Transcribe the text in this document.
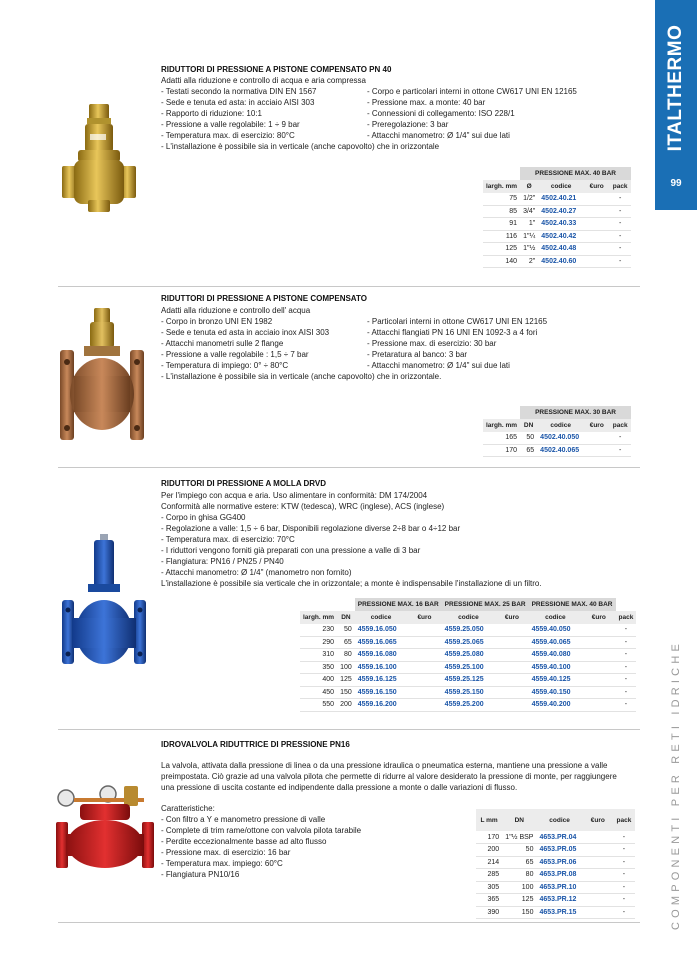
ITALTHERMO
99
COMPONENTI PER RETI IDRICHE
RIDUTTORI DI PRESSIONE A PISTONE COMPENSATO PN 40

Adatti alla riduzione e controllo di acqua e aria compressa

- Testati secondo la normativa DIN EN 1567

- Sede e tenuta ed asta: in acciaio AISI 303

- Rapporto di riduzione: 10:1

- Pressione a valle regolabile: 1 ÷ 9 bar

- Temperatura max. di esercizio: 80°C

- Corpo e particolari interni in ottone CW617 UNI EN 12165

- Pressione max. a monte: 40 bar

- Connessioni di collegamento: ISO 228/1

- Preregolazione: 3 bar

- Attacchi manometro: Ø 1/4" sui due lati

- L'installazione è possibile sia in verticale (anche capovolto) che in orizzontale

	PRESSIONE MAX. 40 BAR				
largh. mm	Ø	codice	€uro	pack	
75	1/2"	4502.40.21		-	
85	3/4"	4502.40.27		-	
91	1"	4502.40.33		-	
116	1"¼	4502.40.42		-	
125	1"½	4502.40.48		-	
140	2"	4502.40.60		-	
RIDUTTORI DI PRESSIONE A PISTONE COMPENSATO

Adatti alla riduzione e controllo dell' acqua

- Corpo in bronzo UNI EN 1982

- Sede e tenuta ed asta in acciaio inox AISI 303

- Attacchi manometri sulle 2 flange

- Pressione a valle regolabile : 1,5 ÷ 7 bar

- Temperatura di impiego: 0° ÷ 80°C

- Particolari interni in ottone CW617 UNI EN 12165

- Attacchi flangiati PN 16 UNI EN 1092-3 a 4 fori

- Pressione max. di esercizio: 30 bar

- Pretaratura al banco: 3 bar

- Attacchi manometro: Ø 1/4" sui due lati

- L'installazione è possibile sia in verticale (anche capovolto) che in orizzontale.

	PRESSIONE MAX. 30 BAR				
largh. mm	DN	codice	€uro	pack	
165	50	4502.40.050		-	
170	65	4502.40.065		-	
RIDUTTORI DI PRESSIONE A MOLLA DRVD

Per l'impiego con acqua e aria. Uso alimentare in conformità: DM 174/2004

Conformità alle normative estere: KTW (tedesca), WRC (inglese), ACS (inglese)

- Corpo in ghisa GG400

- Regolazione a valle: 1,5 ÷ 6 bar, Disponibili regolazione diverse 2÷8 bar o 4÷12 bar

- Temperatura max. di esercizio: 70°C

- I riduttori vengono forniti già preparati con una pressione a valle di 3 bar

- Flangiatura: PN16 / PN25 / PN40

- Attacchi manometro: Ø 1/4" (manometro non fornito)

L'installazione è possibile sia verticale che in orizzontale; a monte è indispensabile l'installazione di un filtro.

		PRESSIONE MAX. 16 BAR		PRESSIONE MAX. 25 BAR		PRESSIONE MAX. 40 BAR		
largh. mm	DN	codice	€uro	codice	€uro	codice	€uro	pack
230	50	4559.16.050		4559.25.050		4559.40.050		-
290	65	4559.16.065		4559.25.065		4559.40.065		-
310	80	4559.16.080		4559.25.080		4559.40.080		-
350	100	4559.16.100		4559.25.100		4559.40.100		-
400	125	4559.16.125		4559.25.125		4559.40.125		-
450	150	4559.16.150		4559.25.150		4559.40.150		-
550	200	4559.16.200		4559.25.200		4559.40.200		-
IDROVALVOLA RIDUTTRICE DI PRESSIONE PN16

La valvola, attivata dalla pressione di linea o da una pressione idraulica o pneumatica esterna, mantiene una pressione a valle

preimpostata. Ciò grazie ad una valvola pilota che permette di ridurre al valore desiderato la pressione di monte, per raggiungere

una pressione di uscita costante ed indipendente dalla pressione a monte o dalle variazioni di flusso.

Caratteristiche:

- Con filtro a Y e manometro pressione di valle

- Complete di trim rame/ottone con valvola pilota tarabile

- Perdite eccezionalmente basse ad alto flusso

- Pressione max. di esercizio: 16 bar

- Temperatura max. impiego: 60°C

- Flangiatura PN10/16

L mm	DN	codice	€uro	pack
170	1"½ BSP	4653.PR.04		-
200	50	4653.PR.05		-
214	65	4653.PR.06		-
285	80	4653.PR.08		-
305	100	4653.PR.10		-
365	125	4653.PR.12		-
390	150	4653.PR.15		-
